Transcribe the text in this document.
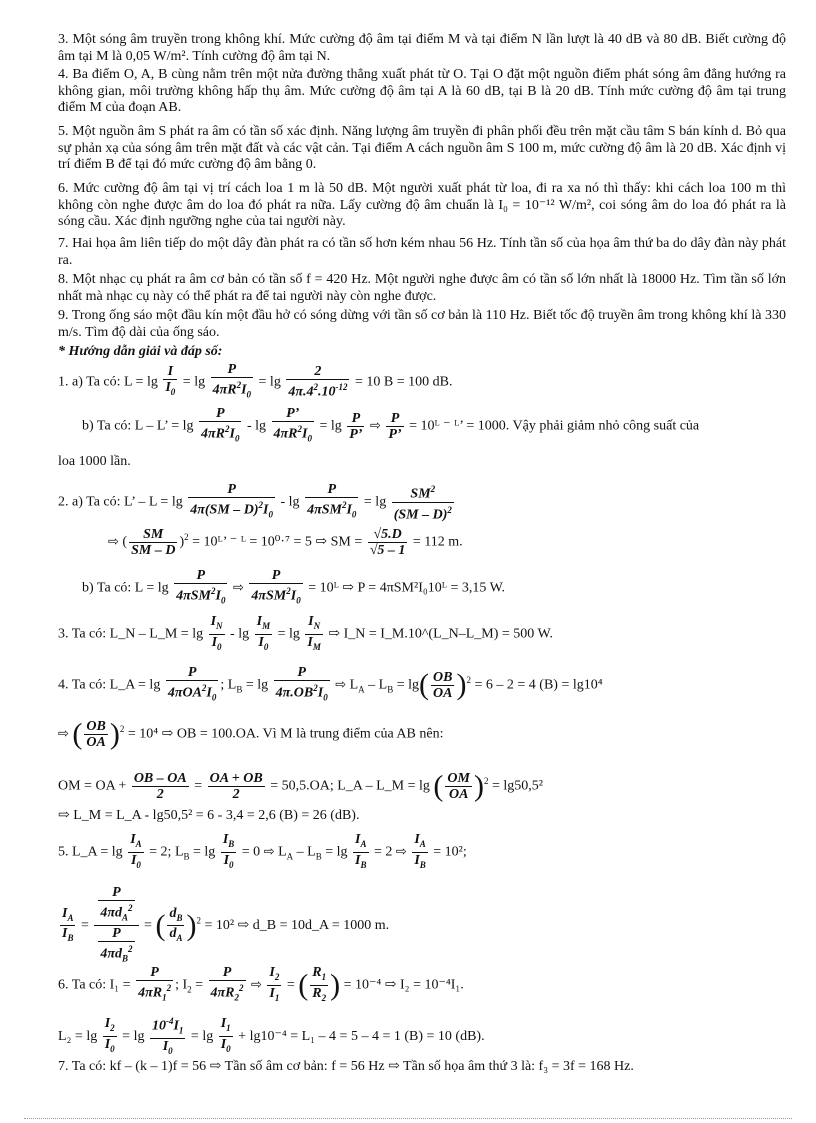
3. Một sóng âm truyền trong không khí. Mức cường độ âm tại điểm M và tại điểm N lần lượt là 40 dB và 80 dB. Biết cường độ âm tại M là 0,05 W/m². Tính cường độ âm tại N.
4. Ba điểm O, A, B cùng nằm trên một nửa đường thẳng xuất phát từ O. Tại O đặt một nguồn điểm phát sóng âm đẳng hướng ra không gian, môi trường không hấp thụ âm. Mức cường độ âm tại A là 60 dB, tại B là 20 dB. Tính mức cường độ âm tại trung điểm M của đoạn AB.
5. Một nguồn âm S phát ra âm có tần số xác định. Năng lượng âm truyền đi phân phối đều trên mặt cầu tâm S bán kính d. Bỏ qua sự phản xạ của sóng âm trên mặt đất và các vật cản. Tại điểm A cách nguồn âm S 100 m, mức cường độ âm là 20 dB. Xác định vị trí điểm B để tại đó mức cường độ âm bằng 0.
6. Mức cường độ âm tại vị trí cách loa 1 m là 50 dB. Một người xuất phát từ loa, đi ra xa nó thì thấy: khi cách loa 100 m thì không còn nghe được âm do loa đó phát ra nữa. Lấy cường độ âm chuẩn là I₀ = 10⁻¹² W/m², coi sóng âm do loa đó phát ra là sóng cầu. Xác định ngưỡng nghe của tai người này.
7. Hai họa âm liên tiếp do một dây đàn phát ra có tần số hơn kém nhau 56 Hz. Tính tần số của họa âm thứ ba do dây đàn này phát ra.
8. Một nhạc cụ phát ra âm cơ bản có tần số f = 420 Hz. Một người nghe được âm có tần số lớn nhất là 18000 Hz. Tìm tần số lớn nhất mà nhạc cụ này có thể phát ra để tai người này còn nghe được.
9. Trong ống sáo một đầu kín một đầu hở có sóng dừng với tần số cơ bản là 110 Hz. Biết tốc độ truyền âm trong không khí là 330 m/s. Tìm độ dài của ống sáo.
* Hướng dẫn giải và đáp số:
1. a) Ta có: $L = \lg \frac{I}{I_0} = \lg \frac{P}{4\pi R^2I_0} = \lg \frac{2}{4\pi.4^2.10^{-12}} = 10$ B = 100 dB.
b) Ta có: L – L’ = $\lg \frac{P}{4\pi R^2I_0} - \lg \frac{P’}{4\pi R^2I_0} = \lg \frac{P}{P’}$ ⇨ $\frac{P}{P’}$ = 10ᴸ ⁻ ᴸ’ = 1000. Vậy phải giảm nhỏ công suất của
loa 1000 lần.
2. a) Ta có: L’ – $L = \lg \frac{P}{4\pi(SM - D)^2I_0} - \lg \frac{P}{4\pi SM^2I_0} = \lg \frac{SM^2}{(SM - D)^2}$
⇨ ( $\frac{SM}{SM - D} )^2$ = 10ᴸ’ ⁻ ᴸ = 10⁰·⁷ = 5 ⇨ SM = $\frac{√5.D}{√5 - 1} = 112$ m.
b) Ta có: $L = \lg \frac{P}{4\pi SM^2I_0}$ ⇨ $\frac{P}{4\pi SM^2I_0}$ = 10ᴸ ⇨ P = 4πSM²I₀10ᴸ = 3,15 W.
3. Ta có: L_N – L_M = $\lg \frac{I_N}{I_0} - \lg \frac{I_M}{I_0} = \lg \frac{I_N}{I_M}$ ⇨ I_N = I_M.10^(L_N–L_M) = 500 W.
4. Ta có: L_A = $\lg \frac{P}{4\pi OA^2I_0}$ ; $L_B = \lg \frac{P}{4\pi.OB^2I_0}$ ⇨ $L_A - L_B = \lg( \frac{OB}{OA} )^2 = 6 - 2 = 4$ (B) = lg10⁴
⇨ ( $\frac{OB}{OA} )^2 = 10^4$ ⇨ OB = 100.OA. Vì M là trung điểm của AB nên:
OM = OA + $\frac{OB - OA}{2} = \frac{OA + OB}{2} = 50,5.OA$; L_A – L_M = lg ( $\frac{OM}{OA} )^2 = \lg 50,5^2$
⇨ L_M = L_A - lg50,5² = 6 - 3,4 = 2,6 (B) = 26 (dB).
5. L_A = $\lg \frac{I_A}{I_0} = 2$; $L_B = \lg \frac{I_B}{I_0} = 0$ ⇨ $L_A - L_B = \lg \frac{I_A}{I_B} = 2$ ⇨ $\frac{I_A}{I_B} = 10^2$;
$\frac{I_A}{I_B} = \frac{\frac{P}{4\pi d_A^2}}{\frac{P}{4\pi d_B^2}}$ = ( $\frac{d_B}{d_A} )^2 = 10^2$ ⇨ d_B = 10d_A = 1000 m.
6. Ta có: $I_1 = \frac{P}{4\pi R_1^2}$ ; $I_2 = \frac{P}{4\pi R_2^2}$ ⇨ $\frac{I_2}{I_1}$ = ( $\frac{R_1}{R_2}$ ) = 10⁻⁴ ⇨ I₂ = 10⁻⁴I₁.
$L_2 = \lg \frac{I_2}{I_0} = \lg \frac{10^{-4}I_1}{I_0} = \lg \frac{I_1}{I_0} + \lg 10^{-4} = L_1 - 4 = 5 - 4 = 1$ (B) = 10 (dB).
7. Ta có: kf – (k – 1)f = 56 ⇨ Tần số âm cơ bản: f = 56 Hz ⇨ Tần số họa âm thứ 3 là: f₃ = 3f = 168 Hz.
